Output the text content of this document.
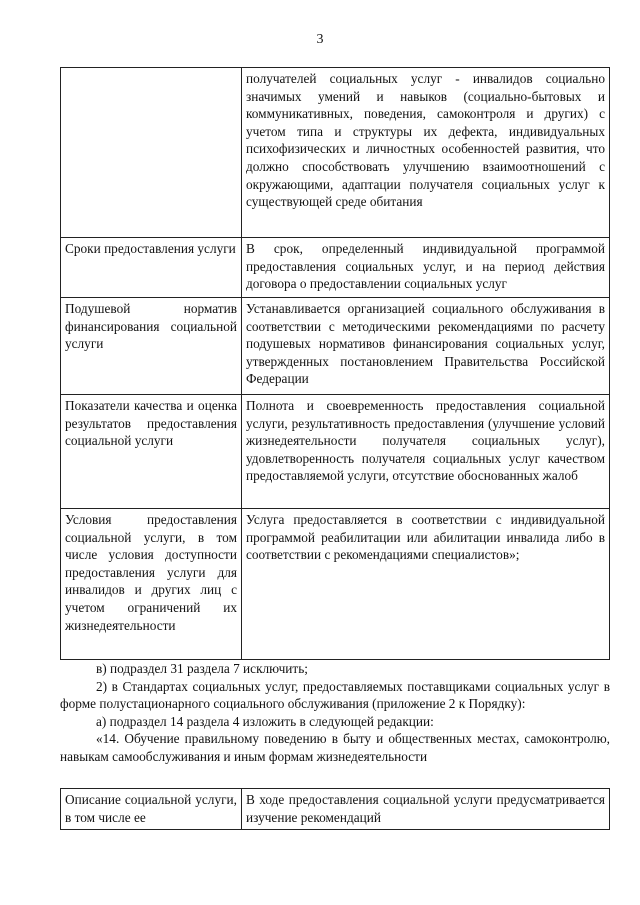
3
	получателей социальных услуг - инвалидов социально значимых умений и навыков (социально-бытовых и коммуникативных, поведения, самоконтроля и других) с учетом типа и структуры их дефекта, индивидуальных психофизических и личностных особенностей развития, что должно способствовать улучшению взаимоотношений с окружающими, адаптации получателя социальных услуг к существующей среде обитания
Сроки предоставления услуги	В срок, определенный индивидуальной программой предоставления социальных услуг, и на период действия договора о предоставлении социальных услуг
Подушевой норматив финансирования социальной услуги	Устанавливается организацией социального обслуживания в соответствии с методическими рекомендациями по расчету подушевых нормативов финансирования социальных услуг, утвержденных постановлением Правительства Российской Федерации
Показатели качества и оценка результатов предоставления социальной услуги	Полнота и своевременность предоставления социальной услуги, результативность предоставления (улучшение условий жизнедеятельности получателя социальных услуг), удовлетворенность получателя социальных услуг качеством предоставляемой услуги, отсутствие обоснованных жалоб
Условия предоставления социальной услуги, в том числе условия доступности предоставления услуги для инвалидов и других лиц с учетом ограничений их жизнедеятельности	Услуга предоставляется в соответствии с индивидуальной программой реабилитации или абилитации инвалида либо в соответствии с рекомендациями специалистов»;

в) подраздел 31 раздела 7 исключить;

2) в Стандартах социальных услуг, предоставляемых поставщиками социальных услуг в форме полустационарного социального обслуживания (приложение 2 к Порядку):

а) подраздел 14 раздела 4 изложить в следующей редакции:

«14. Обучение правильному поведению в быту и общественных местах, самоконтролю, навыкам самообслуживания и иным формам жизнедеятельности

Описание социальной услуги, в том числе ее	В ходе предоставления социальной услуги предусматривается изучение рекомендаций
